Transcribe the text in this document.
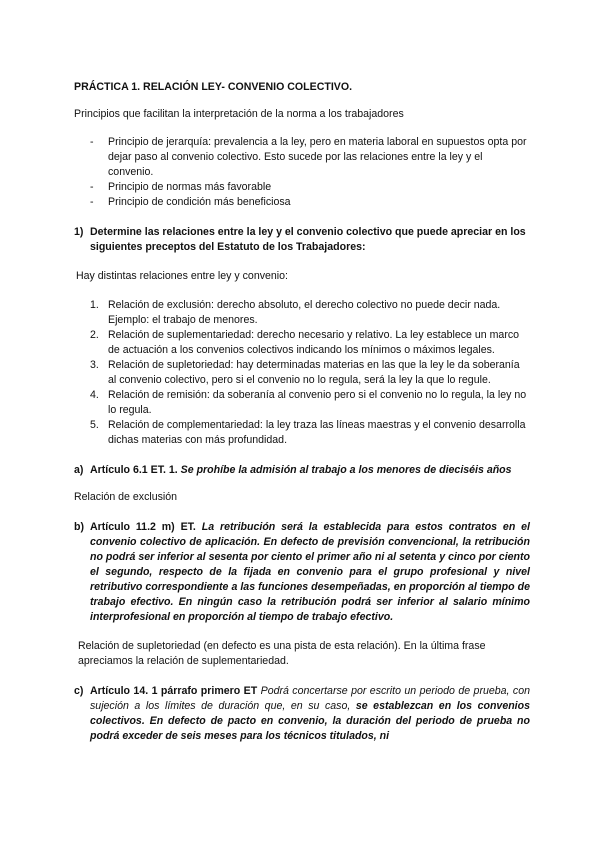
PRÁCTICA 1. RELACIÓN LEY- CONVENIO COLECTIVO.

Principios que facilitan la interpretación de la norma a los trabajadores

- Principio de jerarquía: prevalencia a la ley, pero en materia laboral en supuestos opta por dejar paso al convenio colectivo. Esto sucede por las relaciones entre la ley y el convenio.
- Principio de normas más favorable
- Principio de condición más beneficiosa
1) Determine las relaciones entre la ley y el convenio colectivo que puede apreciar en los siguientes preceptos del Estatuto de los Trabajadores:

Hay distintas relaciones entre ley y convenio:

1. Relación de exclusión: derecho absoluto, el derecho colectivo no puede decir nada. Ejemplo: el trabajo de menores.
2. Relación de suplementariedad: derecho necesario y relativo. La ley establece un marco de actuación a los convenios colectivos indicando los mínimos o máximos legales.
3. Relación de supletoriedad: hay determinadas materias en las que la ley le da soberanía al convenio colectivo, pero si el convenio no lo regula, será la ley la que lo regule.
4. Relación de remisión: da soberanía al convenio pero si el convenio no lo regula, la ley no lo regula.
5. Relación de complementariedad: la ley traza las líneas maestras y el convenio desarrolla dichas materias con más profundidad.
a) Artículo 6.1 ET. 1. Se prohíbe la admisión al trabajo a los menores de dieciséis años

Relación de exclusión

b) Artículo 11.2 m) ET. La retribución será la establecida para estos contratos en el convenio colectivo de aplicación. En defecto de previsión convencional, la retribución no podrá ser inferior al sesenta por ciento el primer año ni al setenta y cinco por ciento el segundo, respecto de la fijada en convenio para el grupo profesional y nivel retributivo correspondiente a las funciones desempeñadas, en proporción al tiempo de trabajo efectivo. En ningún caso la retribución podrá ser inferior al salario mínimo interprofesional en proporción al tiempo de trabajo efectivo.

Relación de supletoriedad (en defecto es una pista de esta relación). En la última frase apreciamos la relación de suplementariedad.

c) Artículo 14. 1 párrafo primero ET Podrá concertarse por escrito un periodo de prueba, con sujeción a los límites de duración que, en su caso, se establezcan en los convenios colectivos. En defecto de pacto en convenio, la duración del periodo de prueba no podrá exceder de seis meses para los técnicos titulados, ni
